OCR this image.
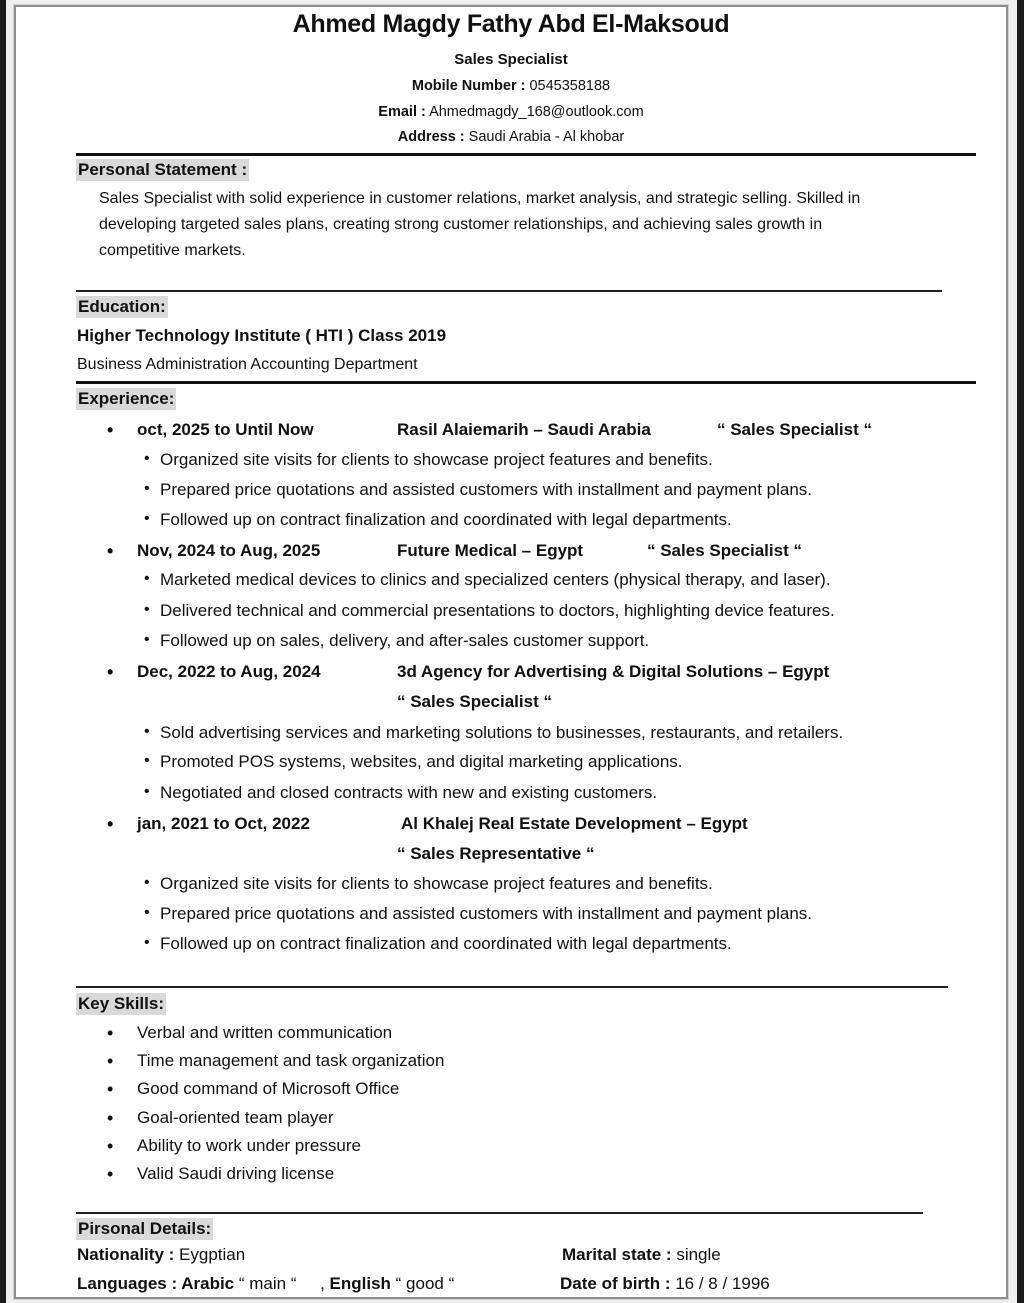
Ahmed Magdy Fathy Abd El-Maksoud
Sales Specialist
Mobile Number : 0545358188
Email : Ahmedmagdy_168@outlook.com
Address : Saudi Arabia - Al khobar
Personal Statement :
Sales Specialist with solid experience in customer relations, market analysis, and strategic selling. Skilled in
developing targeted sales plans, creating strong customer relationships, and achieving sales growth in
competitive markets.
Education:
Higher Technology Institute ( HTI ) Class 2019
Business Administration Accounting Department
Experience:
• oct, 2025 to Until Now	Rasil Alaiemarih – Saudi Arabia	“ Sales Specialist “
• Organized site visits for clients to showcase project features and benefits.
• Prepared price quotations and assisted customers with installment and payment plans.
• Followed up on contract finalization and coordinated with legal departments.
• Nov, 2024 to Aug, 2025	Future Medical – Egypt	“ Sales Specialist “
• Marketed medical devices to clinics and specialized centers (physical therapy, and laser).
• Delivered technical and commercial presentations to doctors, highlighting device features.
• Followed up on sales, delivery, and after-sales customer support.
• Dec, 2022 to Aug, 2024	3d Agency for Advertising & Digital Solutions – Egypt
“ Sales Specialist “
• Sold advertising services and marketing solutions to businesses, restaurants, and retailers.
• Promoted POS systems, websites, and digital marketing applications.
• Negotiated and closed contracts with new and existing customers.
• jan, 2021 to Oct, 2022	Al Khalej Real Estate Development – Egypt
“ Sales Representative “
• Organized site visits for clients to showcase project features and benefits.
• Prepared price quotations and assisted customers with installment and payment plans.
• Followed up on contract finalization and coordinated with legal departments.
Key Skills:
• Verbal and written communication
• Time management and task organization
• Good command of Microsoft Office
• Goal-oriented team player
• Ability to work under pressure
• Valid Saudi driving license
Pirsonal Details:
Nationality : Eygptian	Marital state : single
Languages : Arabic “ main “     , English “ good “	Date of birth : 16 / 8 / 1996
